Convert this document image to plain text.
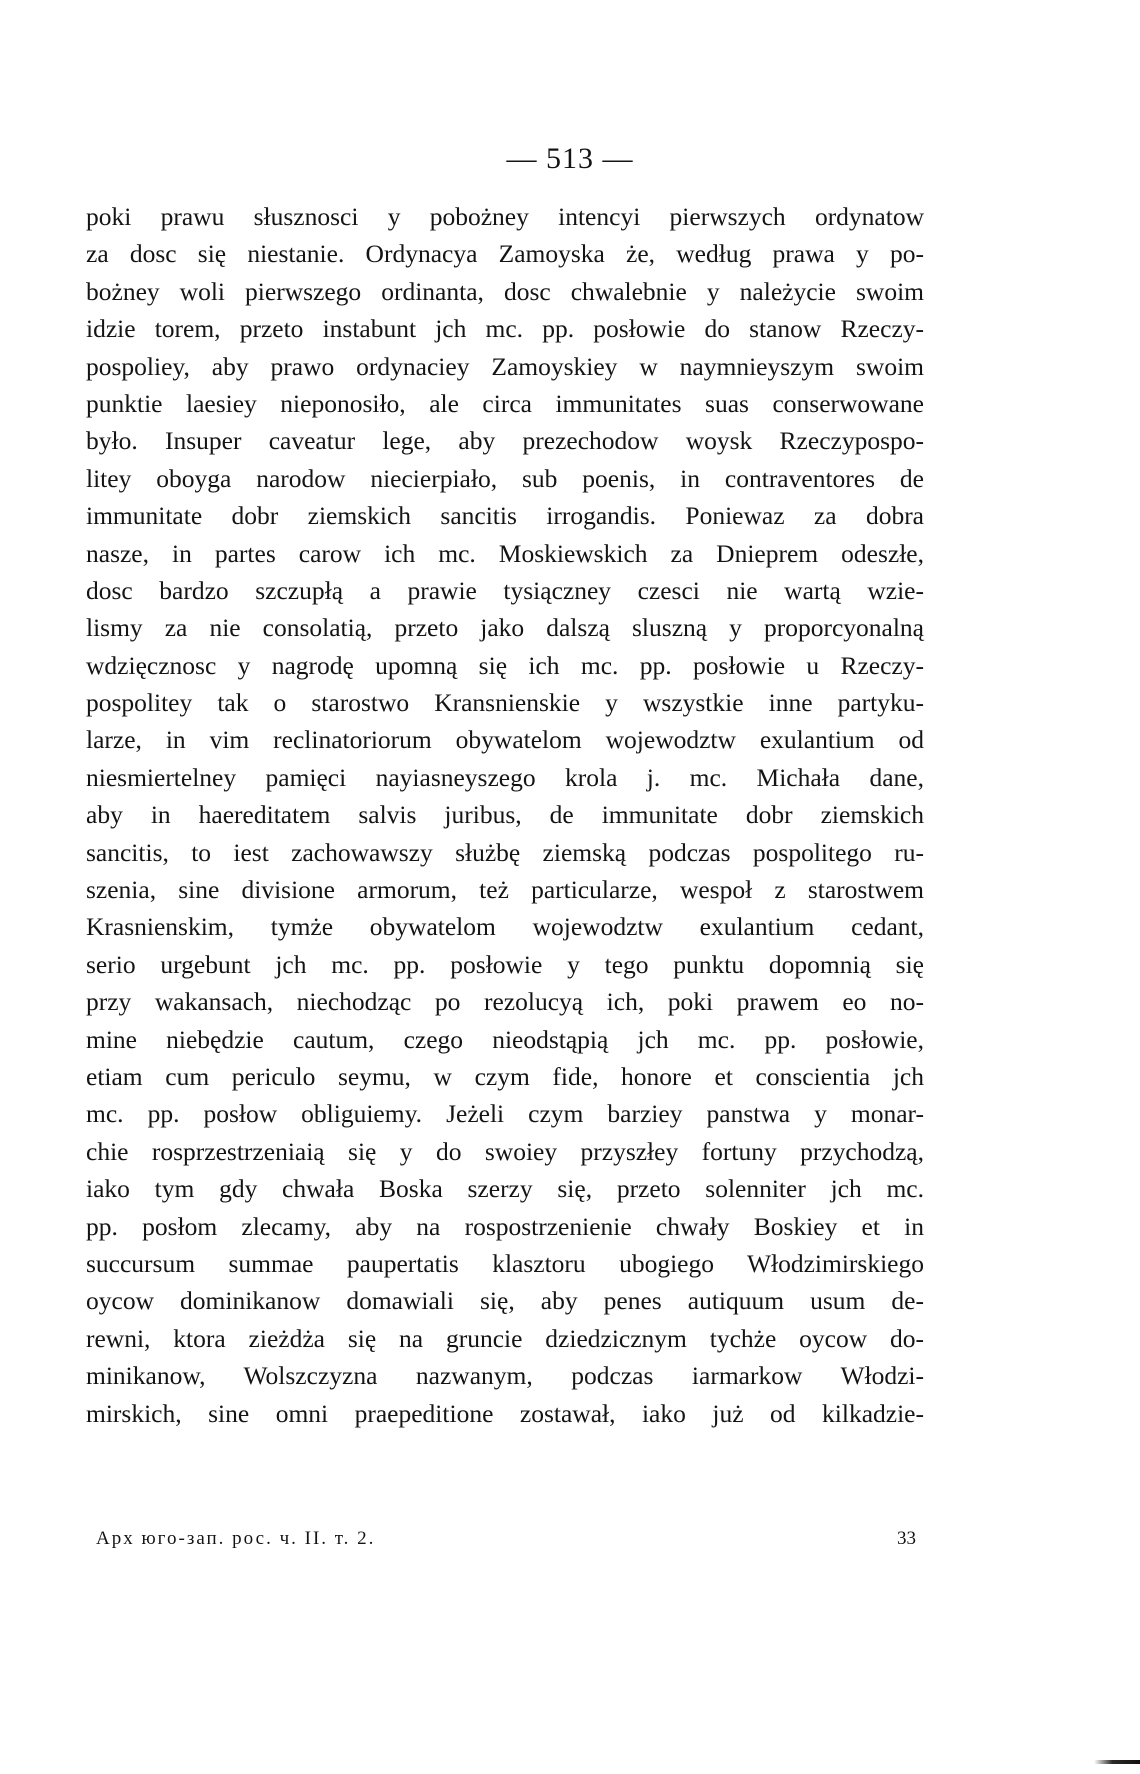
— 513 —
poki prawu słusznosci y pobożney intencyi pierwszych ordynatow
za dosc się niestanie. Ordynacya Zamoyska że, według prawa y po-
bożney woli pierwszego ordinanta, dosc chwalebnie y należycie swoim
idzie torem, przeto instabunt jch mc. pp. posłowie do stanow Rzeczy-
pospoliey, aby prawo ordynaciey Zamoyskiey w naymnieyszym swoim
punktie laesiey nieponosiło, ale circa immunitates suas conserwowane
było. Insuper caveatur lege, aby prezechodow woysk Rzeczypospo-
litey oboyga narodow niecierpiało, sub poenis, in contraventores de
immunitate dobr ziemskich sancitis irrogandis. Poniewaz za dobra
nasze, in partes carow ich mc. Moskiewskich za Dnieprem odeszłe,
dosc bardzo szczupłą a prawie tysiączney czesci nie wartą wzie-
lismy za nie consolatią, przeto jako dalszą sluszną y proporcyonalną
wdzięcznosc y nagrodę upomną się ich mc. pp. posłowie u Rzeczy-
pospolitey tak o starostwo Kransnienskie y wszystkie inne partyku-
larze, in vim reclinatoriorum obywatelom wojewodztw exulantium od
niesmiertelney pamięci nayiasneyszego krola j. mc. Michała dane,
aby in haereditatem salvis juribus, de immunitate dobr ziemskich
sancitis, to iest zachowawszy służbę ziemską podczas pospolitego ru-
szenia, sine divisione armorum, też particularze, wespoł z starostwem
Krasnienskim, tymże obywatelom wojewodztw exulantium cedant,
serio urgebunt jch mc. pp. posłowie y tego punktu dopomnią się
przy wakansach, niechodząc po rezolucyą ich, poki prawem eo no-
mine niebędzie cautum, czego nieodstąpią jch mc. pp. posłowie,
etiam cum periculo seymu, w czym fide, honore et conscientia jch
mc. pp. posłow obliguiemy. Jeżeli czym barziey panstwa y monar-
chie rosprzestrzeniaią się y do swoiey przyszłey fortuny przychodzą,
iako tym gdy chwała Boska szerzy się, przeto solenniter jch mc.
pp. posłom zlecamy, aby na rospostrzenienie chwały Boskiey et in
succursum summae paupertatis klasztoru ubogiego Włodzimirskiego
oycow dominikanow domawiali się, aby penes autiquum usum de-
rewni, ktora zieżdża się na gruncie dziedzicznym tychże oycow do-
minikanow, Wolszczyzna nazwanym, podczas iarmarkow Włodzi-
mirskich, sine omni praepeditione zostawał, iako już od kilkadzie-
Арх юго-зап. рос. ч. II. т. 2.	33
